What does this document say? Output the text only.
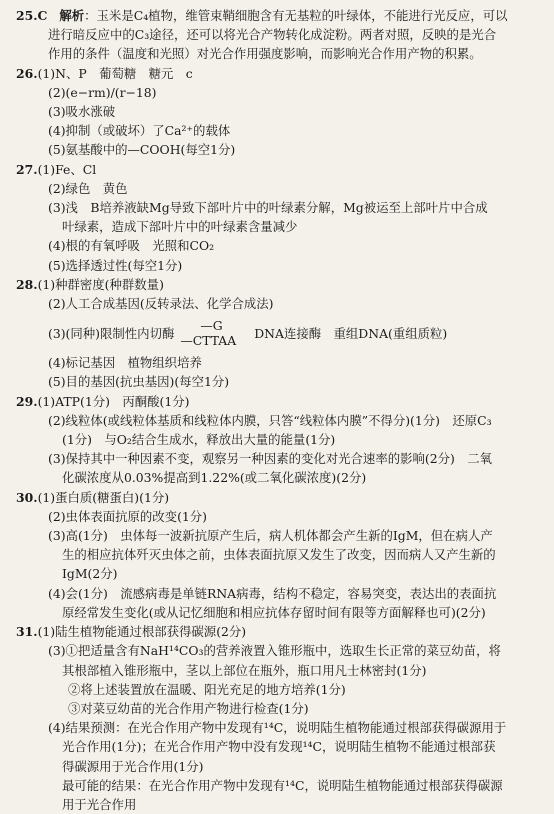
25.C 解析：玉米是C₄植物，维管束鞘细胞含有无基粒的叶绿体，不能进行光反应，可以
进行暗反应中的C₃途径，还可以将光合产物转化成淀粉。两者对照，反映的是光合
作用的条件（温度和光照）对光合作用强度影响，而影响光合作用产物的积累。
26.(1)N、P　葡萄糖　糖元　c
(2)(e−rm)/(r−18)
(3)吸水涨破
(4)抑制（或破坏）了Ca²⁺的载体
(5)氨基酸中的—COOH(每空1分)
27.(1)Fe、Cl
(2)绿色　黄色
(3)浅　B培养液缺Mg导致下部叶片中的叶绿素分解，Mg被运至上部叶片中合成
叶绿素，造成下部叶片中的叶绿素含量减少
(4)根的有氧呼吸　光照和CO₂
(5)选择透过性(每空1分)
28.(1)种群密度(种群数量)
(2)人工合成基因(反转录法、化学合成法)
(3)(同种)限制性内切酶	—G
—CTTAA
DNA连接酶　重组DNA(重组质粒)
(4)标记基因　植物组织培养
(5)目的基因(抗虫基因)(每空1分)
29.(1)ATP(1分)　丙酮酸(1分)
(2)线粒体(或线粒体基质和线粒体内膜，只答“线粒体内膜”不得分)(1分)　还原C₃
(1分)　与O₂结合生成水，释放出大量的能量(1分)
(3)保持其中一种因素不变，观察另一种因素的变化对光合速率的影响(2分)　二氧
化碳浓度从0.03%提高到1.22%(或二氧化碳浓度)(2分)
30.(1)蛋白质(糖蛋白)(1分)
(2)虫体表面抗原的改变(1分)
(3)高(1分)　虫体每一波新抗原产生后，病人机体都会产生新的IgM，但在病人产
生的相应抗体歼灭虫体之前，虫体表面抗原又发生了改变，因而病人又产生新的
IgM(2分)
(4)会(1分)　流感病毒是单链RNA病毒，结构不稳定，容易突变，表达出的表面抗
原经常发生变化(或从记忆细胞和相应抗体存留时间有限等方面解释也可)(2分)
31.(1)陆生植物能通过根部获得碳源(2分)
(3)①把适量含有NaH¹⁴CO₃的营养液置入锥形瓶中，选取生长正常的菜豆幼苗，将
其根部植入锥形瓶中，茎以上部位在瓶外，瓶口用凡士林密封(1分)
②将上述装置放在温暖、阳光充足的地方培养(1分)
③对菜豆幼苗的光合作用产物进行检查(1分)
(4)结果预测：在光合作用产物中发现有¹⁴C，说明陆生植物能通过根部获得碳源用于
光合作用(1分)；在光合作用产物中没有发现¹⁴C，说明陆生植物不能通过根部获
得碳源用于光合作用(1分)
最可能的结果：在光合作用产物中发现有¹⁴C，说明陆生植物能通过根部获得碳源
用于光合作用
